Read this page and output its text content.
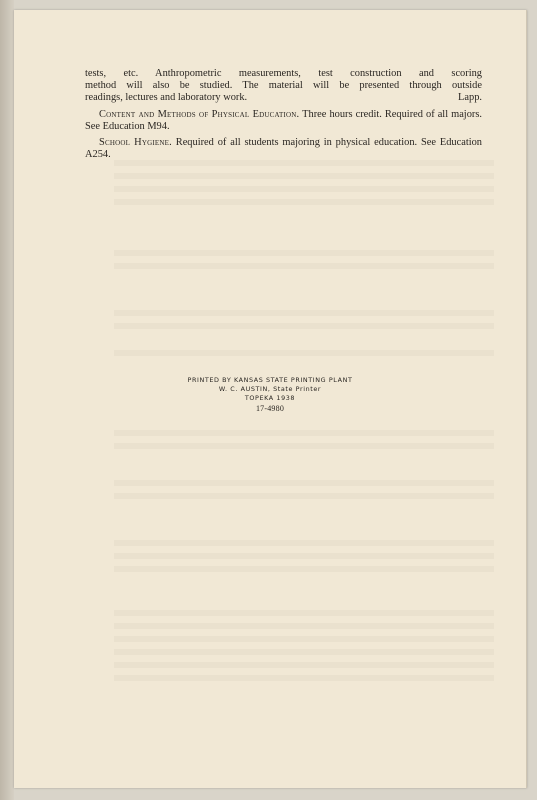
tests, etc. Anthropometric measurements, test construction and scoring

method will also be studied. The material will be presented through outside

readings, lectures and laboratory work.	Lapp.

Content and Methods of Physical Education. Three hours credit. Required of all majors. See Education M94.

School Hygiene. Required of all students majoring in physical education. See Education A254.

PRINTED BY KANSAS STATE PRINTING PLANT
W. C. AUSTIN, State Printer
TOPEKA 1938
17-4980
